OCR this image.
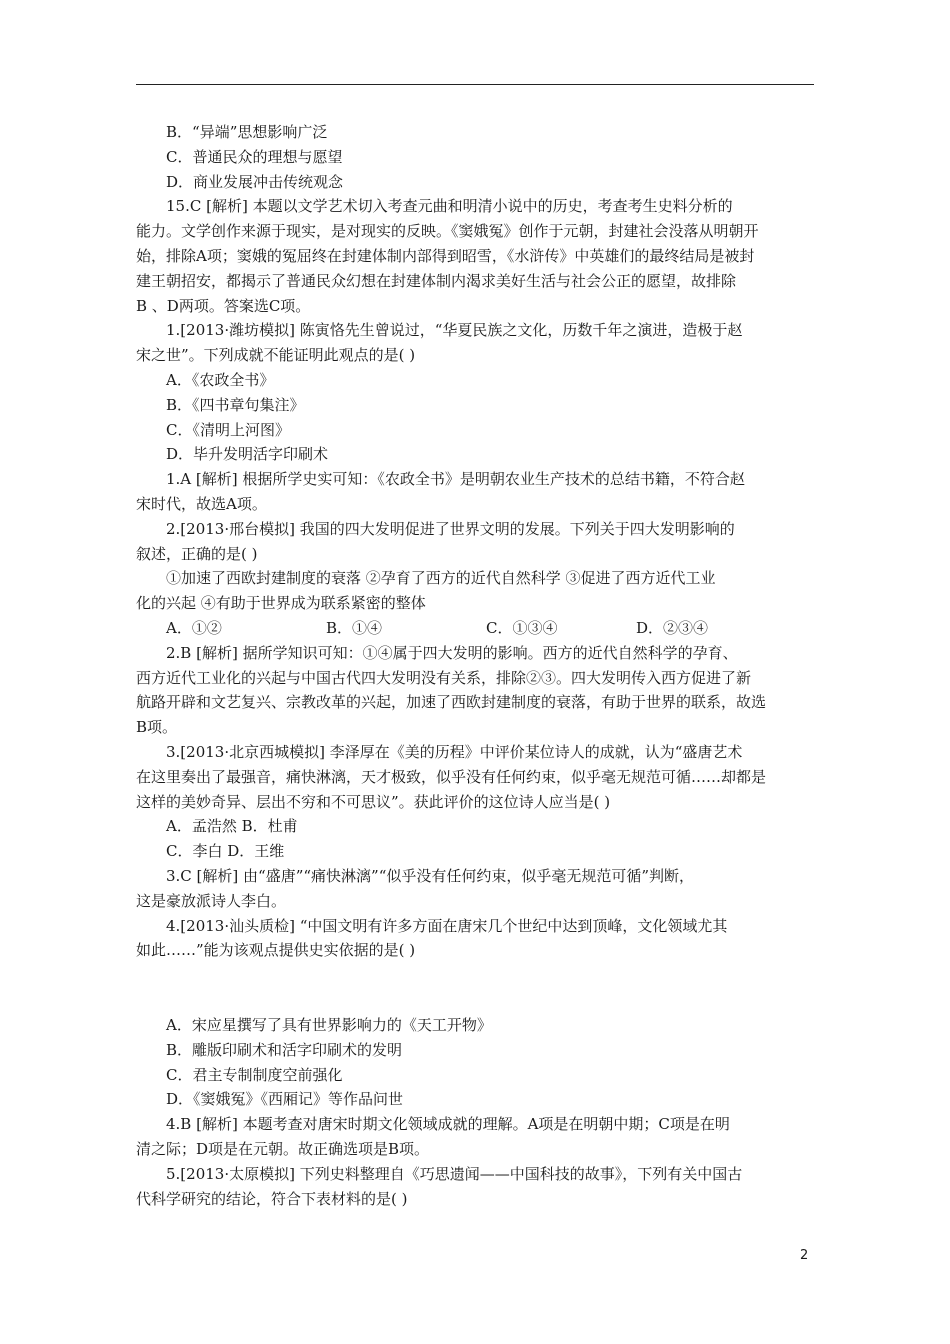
B．“异端”思想影响广泛
C．普通民众的理想与愿望
D．商业发展冲击传统观念
15.C [解析] 本题以文学艺术切入考查元曲和明清小说中的历史，考查考生史料分析的
能力。文学创作来源于现实，是对现实的反映。《窦娥冤》创作于元朝，封建社会没落从明朝开
始，排除A项；窦娥的冤屈终在封建体制内部得到昭雪，《水浒传》中英雄们的最终结局是被封
建王朝招安，都揭示了普通民众幻想在封建体制内渴求美好生活与社会公正的愿望，故排除
B 、D两项。答案选C项。
1.[2013·潍坊模拟] 陈寅恪先生曾说过，“华夏民族之文化，历数千年之演进，造极于赵
宋之世”。下列成就不能证明此观点的是( )
A．《农政全书》
B．《四书章句集注》
C．《清明上河图》
D．毕升发明活字印刷术
1.A [解析] 根据所学史实可知：《农政全书》是明朝农业生产技术的总结书籍，不符合赵
宋时代，故选A项。
2.[2013·邢台模拟] 我国的四大发明促进了世界文明的发展。下列关于四大发明影响的
叙述，正确的是( )
①加速了西欧封建制度的衰落 ②孕育了西方的近代自然科学 ③促进了西方近代工业
化的兴起 ④有助于世界成为联系紧密的整体
A．①②	B．①④	C．①③④	D．②③④
2.B [解析] 据所学知识可知：①④属于四大发明的影响。西方的近代自然科学的孕育、
西方近代工业化的兴起与中国古代四大发明没有关系，排除②③。四大发明传入西方促进了新
航路开辟和文艺复兴、宗教改革的兴起，加速了西欧封建制度的衰落，有助于世界的联系，故选
B项。
3.[2013·北京西城模拟] 李泽厚在《美的历程》中评价某位诗人的成就，认为“盛唐艺术
在这里奏出了最强音，痛快淋漓，天才极致，似乎没有任何约束，似乎毫无规范可循……却都是
这样的美妙奇异、层出不穷和不可思议”。获此评价的这位诗人应当是( )
A．孟浩然 B．杜甫
C．李白 D．王维
3.C [解析] 由“盛唐”“痛快淋漓”“似乎没有任何约束，似乎毫无规范可循”判断，
这是豪放派诗人李白。
4.[2013·汕头质检] “中国文明有许多方面在唐宋几个世纪中达到顶峰，文化领域尤其
如此……”能为该观点提供史实依据的是( )
A．宋应星撰写了具有世界影响力的《天工开物》
B．雕版印刷术和活字印刷术的发明
C．君主专制制度空前强化
D．《窦娥冤》《西厢记》等作品问世
4.B [解析] 本题考查对唐宋时期文化领域成就的理解。A项是在明朝中期；C项是在明
清之际；D项是在元朝。故正确选项是B项。
5.[2013·太原模拟] 下列史料整理自《巧思遗闻——中国科技的故事》，下列有关中国古
代科学研究的结论，符合下表材料的是( )
2
